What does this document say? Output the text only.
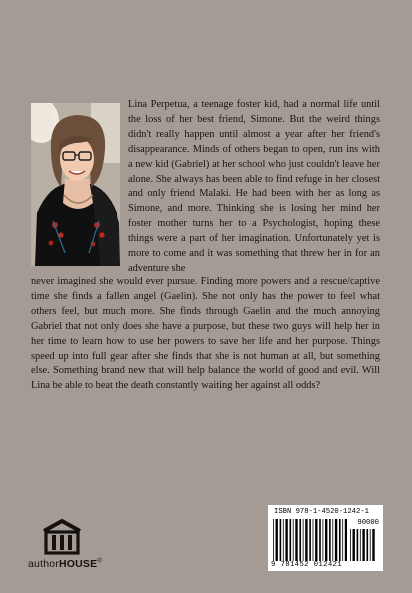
Lina Perpetua, a teenage foster kid, had a normal life until the loss of her best friend, Simone. But the weird things didn't really happen until almost a year after her friend's disappearance. Minds of others began to open, run ins with a new kid (Gabriel) at her school who just couldn't leave her alone. She always has been able to find refuge in her closest and only friend Malaki. He had been with her as long as Simone, and more. Thinking she is losing her mind her foster mother turns her to a Psychologist, hoping these things were a part of her imagination. Unfortunately yet is more to come and it was something that threw her in for an adventure she

never imagined she would ever pursue. Finding more powers and a rescue/captive time she finds a fallen angel (Gaelin). She not only has the power to feel what others feel, but much more. She finds through Gaelin and the much annoying Gabriel that not only does she have a purpose, but these two guys will help her in her time to learn how to use her powers to save her life and her purpose. Things speed up into full gear after she finds that she is not human at all, but something else. Something brand new that will help balance the world of good and evil. Will Lina be able to beat the death constantly waiting her against all odds?

authorHOUSE®
ISBN 978-1-4520-1242-1
90000
9 781452 012421
